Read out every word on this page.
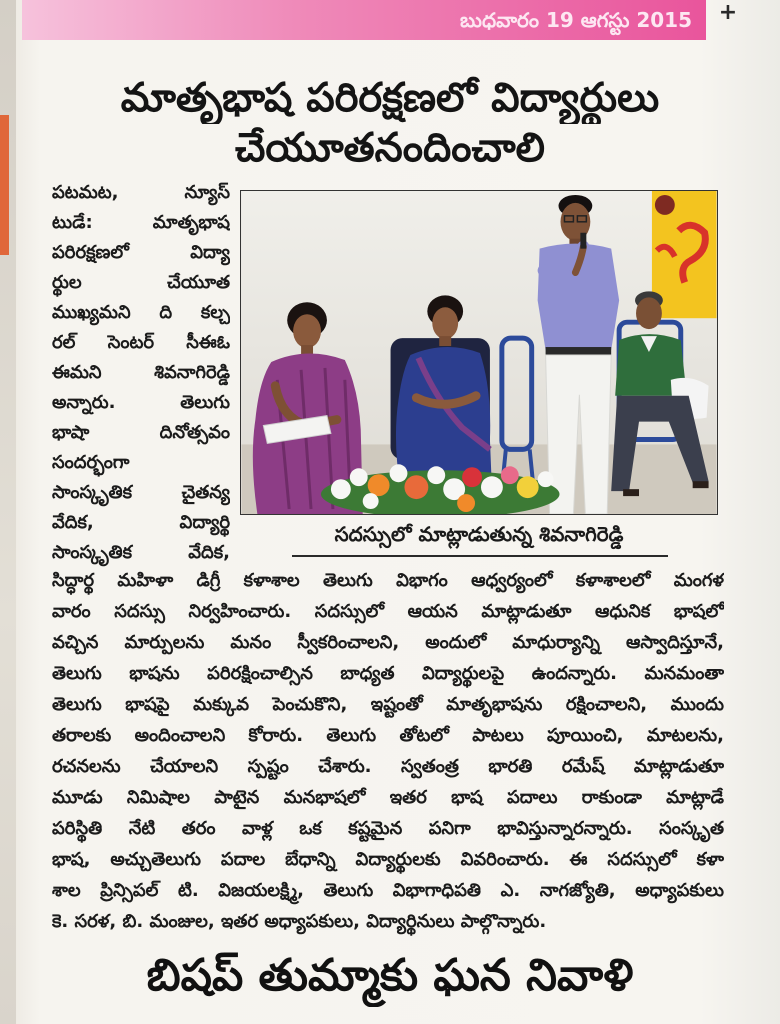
బుధవారం 19 ఆగస్టు 2015 +
మాతృభాష పరిరక్షణలో విద్యార్థులు
చేయూతనందించాలి
పటమట, న్యూస్
టుడే:	మాతృభాష
పరిరక్షణలో విద్యా
ర్థుల చేయూత
ముఖ్యమని ది కల్చ
రల్ సెంటర్ సీఈఓ
ఈమని శివనాగిరెడ్డి
అన్నారు. తెలుగు
భాషా దినోత్సవం
సందర్భంగా
సాంస్కృతిక చైతన్య
వేదిక, విద్యార్థి
సాంస్కృతిక వేదిక,
సదస్సులో మాట్లాడుతున్న శివనాగిరెడ్డి
సిద్ధార్థ మహిళా డిగ్రీ కళాశాల తెలుగు విభాగం ఆధ్వర్యంలో కళాశాలలో మంగళ
వారం సదస్సు నిర్వహించారు. సదస్సులో ఆయన మాట్లాడుతూ ఆధునిక భాషలో
వచ్చిన మార్పులను మనం స్వీకరించాలని, అందులో మాధుర్యాన్ని ఆస్వాదిస్తూనే,
తెలుగు భాషను పరిరక్షించాల్సిన బాధ్యత విద్యార్థులపై ఉందన్నారు. మనమంతా
తెలుగు భాషపై మక్కువ పెంచుకొని, ఇష్టంతో మాతృభాషను రక్షించాలని, ముందు
తరాలకు అందించాలని కోరారు. తెలుగు తోటలో పాటలు పూయించి, మాటలను,
రచనలను చేయాలని స్పష్టం చేశారు. స్వతంత్ర భారతి రమేష్ మాట్లాడుతూ
మూడు నిమిషాల పాటైన మనభాషలో ఇతర భాష పదాలు రాకుండా మాట్లాడే
పరిస్థితి నేటి తరం వాళ్ల ఒక కష్టమైన పనిగా భావిస్తున్నారన్నారు. సంస్కృత
భాష, అచ్చుతెలుగు పదాల బేధాన్ని విద్యార్థులకు వివరించారు. ఈ సదస్సులో కళా
శాల ప్రిన్సిపల్ టి. విజయలక్ష్మి, తెలుగు విభాగాధిపతి ఎ. నాగజ్యోతి, అధ్యాపకులు
కె. సరళ, బి. మంజుల, ఇతర అధ్యాపకులు, విద్యార్థినులు పాల్గొన్నారు.
బిషప్ తుమ్మాకు ఘన నివాళి
